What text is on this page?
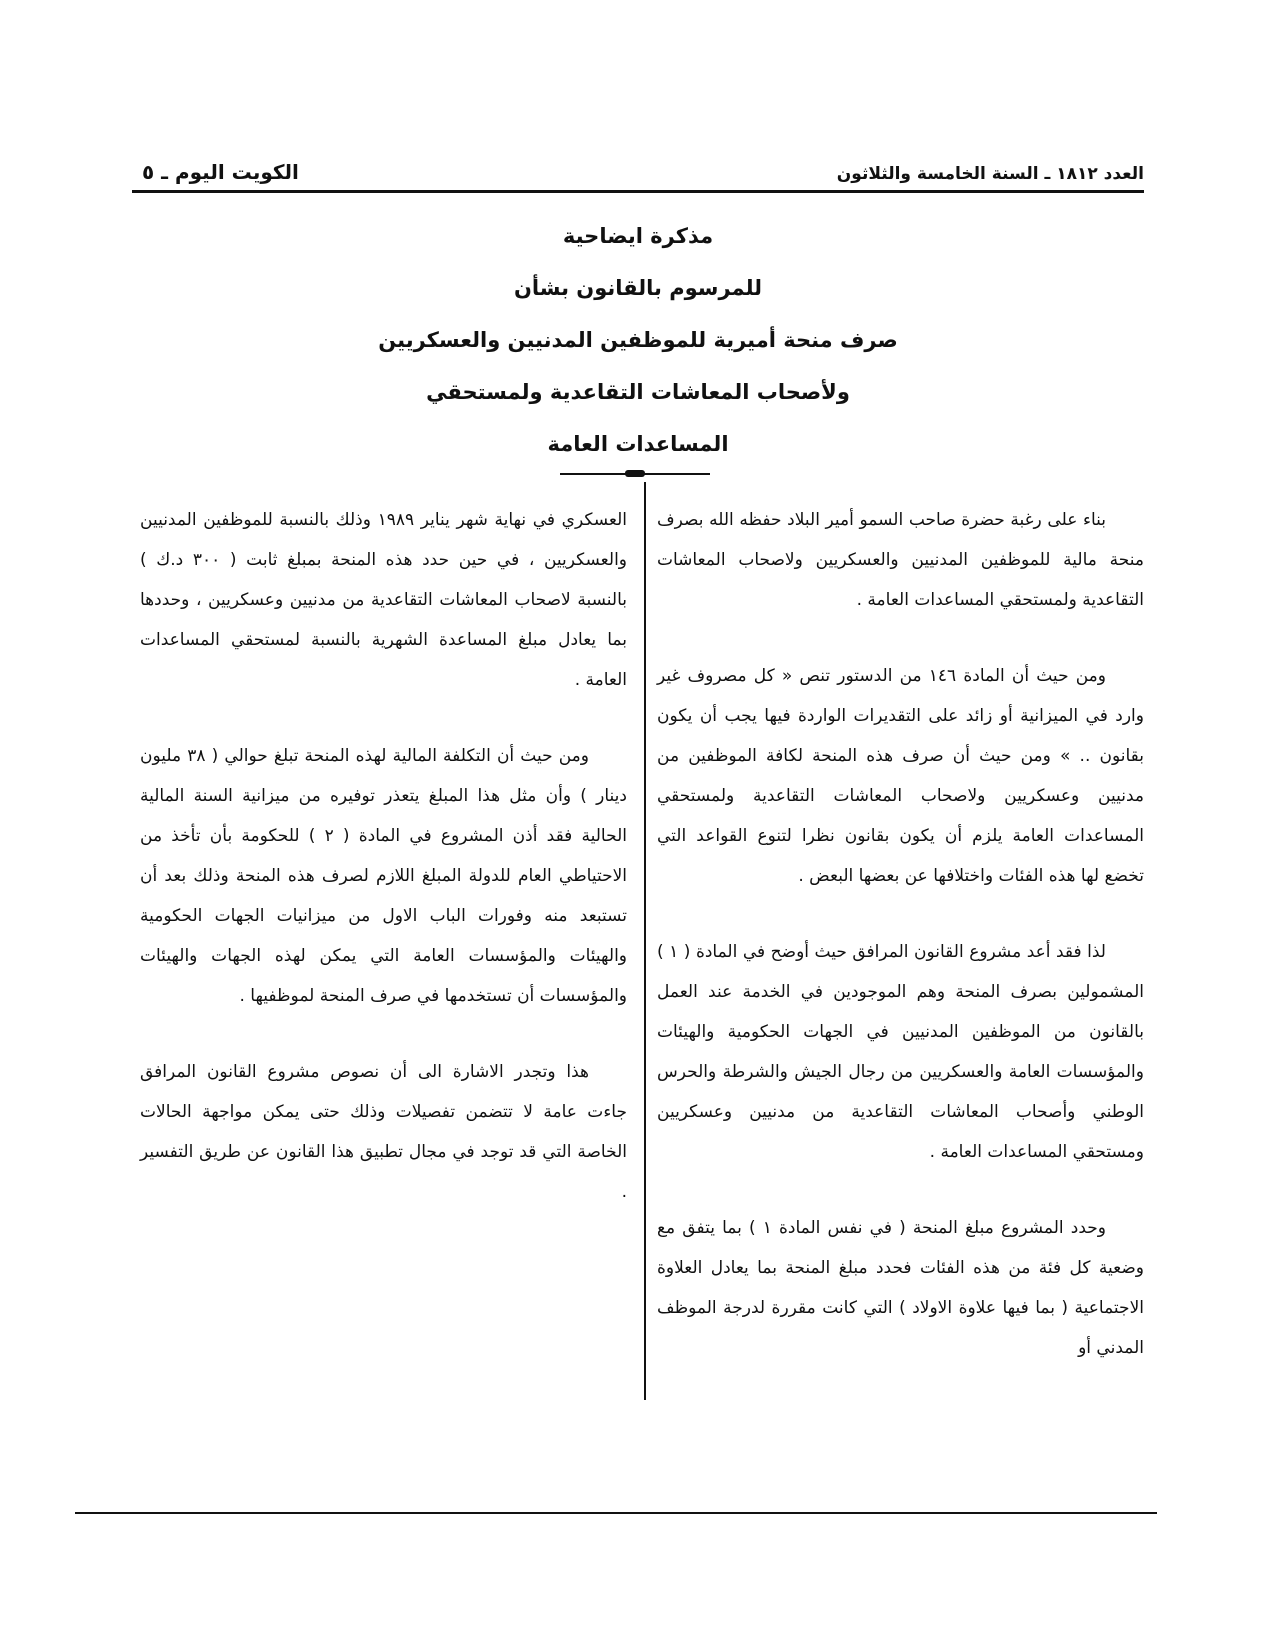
العدد ١٨١٢ ـ السنة الخامسة والثلاثون
الكويت اليوم ـ ٥
مذكرة ايضاحية
للمرسوم بالقانون بشأن
صرف منحة أميرية للموظفين المدنيين والعسكريين
ولأصحاب المعاشات التقاعدية ولمستحقي
المساعدات العامة

بناء على رغبة حضرة صاحب السمو أمير البلاد حفظه الله بصرف منحة مالية للموظفين المدنيين والعسكريين ولاصحاب المعاشات التقاعدية ولمستحقي المساعدات العامة .

ومن حيث أن المادة ١٤٦ من الدستور تنص « كل مصروف غير وارد في الميزانية أو زائد على التقديرات الواردة فيها يجب أن يكون بقانون .. » ومن حيث أن صرف هذه المنحة لكافة الموظفين من مدنيين وعسكريين ولاصحاب المعاشات التقاعدية ولمستحقي المساعدات العامة يلزم أن يكون بقانون نظرا لتنوع القواعد التي تخضع لها هذه الفئات واختلافها عن بعضها البعض .

لذا فقد أعد مشروع القانون المرافق حيث أوضح في المادة ( ١ ) المشمولين بصرف المنحة وهم الموجودين في الخدمة عند العمل بالقانون من الموظفين المدنيين في الجهات الحكومية والهيئات والمؤسسات العامة والعسكريين من رجال الجيش والشرطة والحرس الوطني وأصحاب المعاشات التقاعدية من مدنيين وعسكريين ومستحقي المساعدات العامة .

وحدد المشروع مبلغ المنحة ( في نفس المادة ١ ) بما يتفق مع وضعية كل فئة من هذه الفئات فحدد مبلغ المنحة بما يعادل العلاوة الاجتماعية ( بما فيها علاوة الاولاد ) التي كانت مقررة لدرجة الموظف المدني أو

العسكري في نهاية شهر يناير ١٩٨٩ وذلك بالنسبة للموظفين المدنيين والعسكريين ، في حين حدد هذه المنحة بمبلغ ثابت ( ٣٠٠ د.ك ) بالنسبة لاصحاب المعاشات التقاعدية من مدنيين وعسكريين ، وحددها بما يعادل مبلغ المساعدة الشهرية بالنسبة لمستحقي المساعدات العامة .

ومن حيث أن التكلفة المالية لهذه المنحة تبلغ حوالي ( ٣٨ مليون دينار ) وأن مثل هذا المبلغ يتعذر توفيره من ميزانية السنة المالية الحالية فقد أذن المشروع في المادة ( ٢ ) للحكومة بأن تأخذ من الاحتياطي العام للدولة المبلغ اللازم لصرف هذه المنحة وذلك بعد أن تستبعد منه وفورات الباب الاول من ميزانيات الجهات الحكومية والهيئات والمؤسسات العامة التي يمكن لهذه الجهات والهيئات والمؤسسات أن تستخدمها في صرف المنحة لموظفيها .

هذا وتجدر الاشارة الى أن نصوص مشروع القانون المرافق جاءت عامة لا تتضمن تفصيلات وذلك حتى يمكن مواجهة الحالات الخاصة التي قد توجد في مجال تطبيق هذا القانون عن طريق التفسير .
